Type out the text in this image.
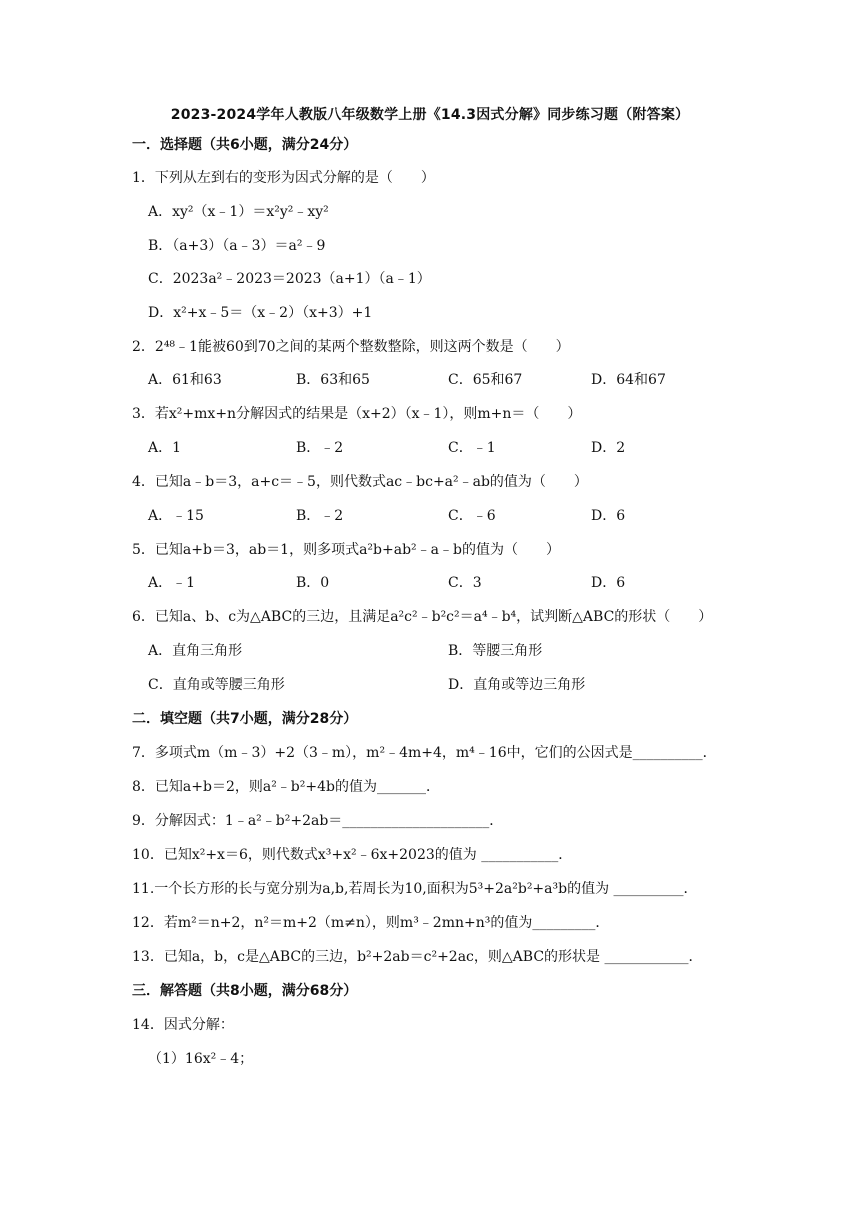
2023-2024学年人教版八年级数学上册《14.3因式分解》同步练习题（附答案）
一．选择题（共6小题，满分24分）
1．下列从左到右的变形为因式分解的是（　　）
A．xy²（x﹣1）＝x²y²﹣xy²
B．（a+3）（a﹣3）＝a²﹣9
C．2023a²﹣2023＝2023（a+1）（a﹣1）
D．x²+x﹣5＝（x﹣2）（x+3）+1
2．2⁴⁸﹣1能被60到70之间的某两个整数整除，则这两个数是（　　）
A．61和63	B．63和65	C．65和67	D．64和67
3．若x²+mx+n分解因式的结果是（x+2）（x﹣1），则m+n＝（　　）
A．1	B．﹣2	C．﹣1	D．2
4．已知a﹣b＝3，a+c＝﹣5，则代数式ac﹣bc+a²﹣ab的值为（　　）
A．﹣15	B．﹣2	C．﹣6	D．6
5．已知a+b＝3，ab＝1，则多项式a²b+ab²﹣a﹣b的值为（　　）
A．﹣1	B．0	C．3	D．6
6．已知a、b、c为△ABC的三边，且满足a²c²﹣b²c²＝a⁴﹣b⁴，试判断△ABC的形状（　　）
A．直角三角形	B．等腰三角形
C．直角或等腰三角形	D．直角或等边三角形
二．填空题（共7小题，满分28分）
7．多项式m（m﹣3）+2（3﹣m），m²﹣4m+4，m⁴﹣16中，它们的公因式是__________．
8．已知a+b＝2，则a²﹣b²+4b的值为_______．
9．分解因式：1﹣a²﹣b²+2ab＝_____________________．
10．已知x²+x＝6，则代数式x³+x²﹣6x+2023的值为 ___________．
11.一个长方形的长与宽分别为a,b,若周长为10,面积为5³+2a²b²+a³b的值为 __________．
12．若m²＝n+2，n²＝m+2（m≠n），则m³﹣2mn+n³的值为_________．
13．已知a，b，c是△ABC的三边，b²+2ab＝c²+2ac，则△ABC的形状是 ____________．
三．解答题（共8小题，满分68分）
14．因式分解：
（1）16x²﹣4；
